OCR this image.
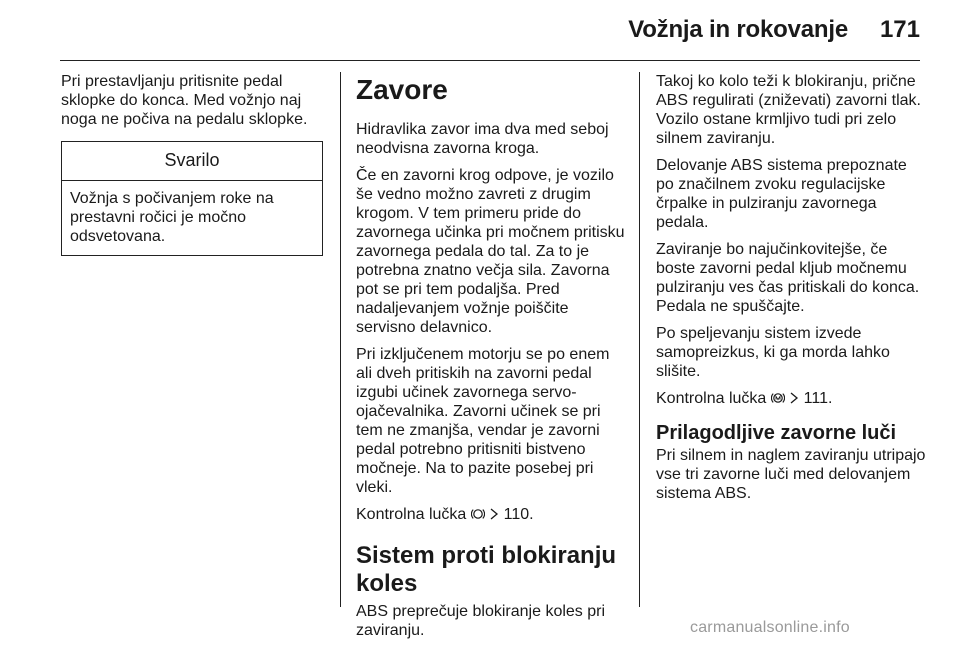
Vožnja in rokovanje 171

Pri prestavljanju pritisnite pedal sklopke do konca. Med vožnjo naj noga ne počiva na pedalu sklopke.

Svarilo
Vožnja s počivanjem roke na prestavni ročici je močno odsvetovana.
Zavore

Hidravlika zavor ima dva med seboj neodvisna zavorna kroga.

Če en zavorni krog odpove, je vozilo še vedno možno zavreti z drugim krogom. V tem primeru pride do zavornega učinka pri močnem pritisku zavornega pedala do tal. Za to je potrebna znatno večja sila. Zavorna pot se pri tem podaljša. Pred nadaljevanjem vožnje poiščite servisno delavnico.

Pri izključenem motorju se po enem ali dveh pritiskih na zavorni pedal izgubi učinek zavornega servo-ojačevalnika. Zavorni učinek se pri tem ne zmanjša, vendar je zavorni pedal potrebno pritisniti bistveno močneje. Na to pazite posebej pri vleki.

Kontrolna lučka 110.

Sistem proti blokiranju koles

ABS preprečuje blokiranje koles pri zaviranju.

Takoj ko kolo teži k blokiranju, prične ABS regulirati (zniževati) zavorni tlak. Vozilo ostane krmljivo tudi pri zelo silnem zaviranju.

Delovanje ABS sistema prepoznate po značilnem zvoku regulacijske črpalke in pulziranju zavornega pedala.

Zaviranje bo najučinkovitejše, če boste zavorni pedal kljub močnemu pulziranju ves čas pritiskali do konca. Pedala ne spuščajte.

Po speljevanju sistem izvede samopreizkus, ki ga morda lahko slišite.

Kontrolna lučka 111.

Prilagodljive zavorne luči

Pri silnem in naglem zaviranju utripajo vse tri zavorne luči med delovanjem sistema ABS.

carmanualsonline.info
